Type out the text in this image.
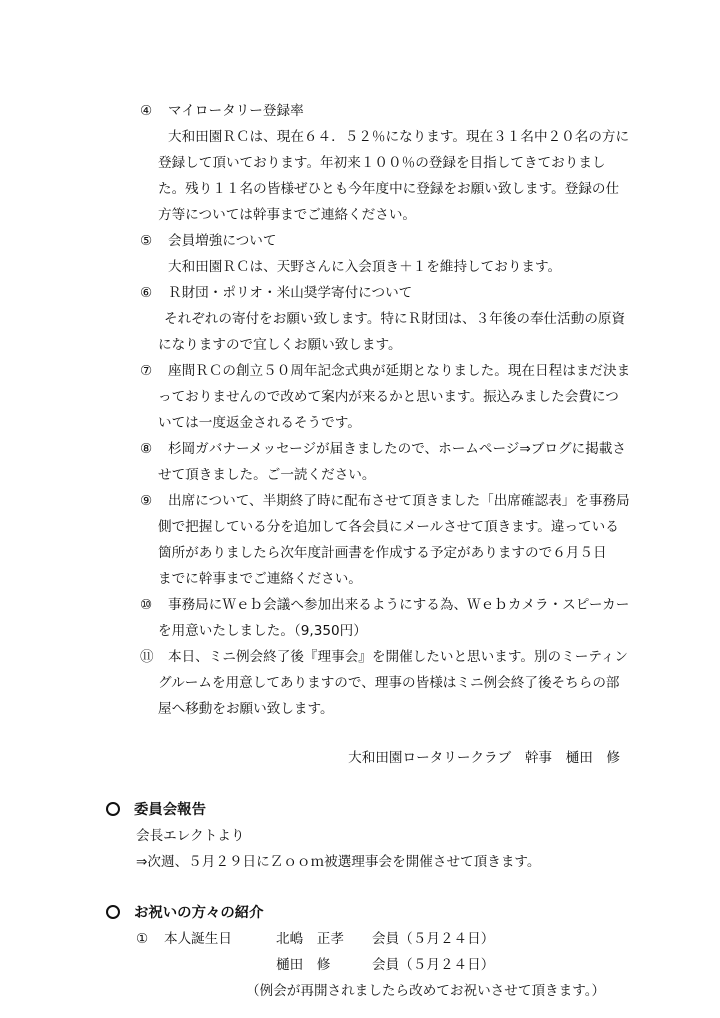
④ マイロータリー登録率
大和田園ＲＣは、現在６４．５２％になります。現在３１名中２０名の方に
登録して頂いております。年初来１００％の登録を目指してきておりまし
た。残り１１名の皆様ぜひとも今年度中に登録をお願い致します。登録の仕
方等については幹事までご連絡ください。
⑤ 会員増強について
大和田園ＲＣは、天野さんに入会頂き＋１を維持しております。
⑥ Ｒ財団・ポリオ・米山奨学寄付について
それぞれの寄付をお願い致します。特にＲ財団は、３年後の奉仕活動の原資
になりますので宜しくお願い致します。
⑦ 座間ＲＣの創立５０周年記念式典が延期となりました。現在日程はまだ決ま
っておりませんので改めて案内が来るかと思います。振込みました会費につ
いては一度返金されるそうです。
⑧ 杉岡ガバナーメッセージが届きましたので、ホームページ⇒ブログに掲載さ
せて頂きました。ご一読ください。
⑨ 出席について、半期終了時に配布させて頂きました「出席確認表」を事務局
側で把握している分を追加して各会員にメールさせて頂きます。違っている
箇所がありましたら次年度計画書を作成する予定がありますので６月５日
までに幹事までご連絡ください。
⑩ 事務局にＷｅｂ会議へ参加出来るようにする為、Ｗｅｂカメラ・スピーカー
を用意いたしました。（9,350円）
⑪ 本日、ミニ例会終了後『理事会』を開催したいと思います。別のミーティン
グルームを用意してありますので、理事の皆様はミニ例会終了後そちらの部
屋へ移動をお願い致します。
大和田園ロータリークラブ　幹事　樋田　修
委員会報告
会長エレクトより
⇒次週、５月２９日にＺｏｏｍ被選理事会を開催させて頂きます。
お祝いの方々の紹介
① 本人誕生日	北嶋　正孝 会員（５月２４日）
樋田　修	会員（５月２４日）
（例会が再開されましたら改めてお祝いさせて頂きます。）
